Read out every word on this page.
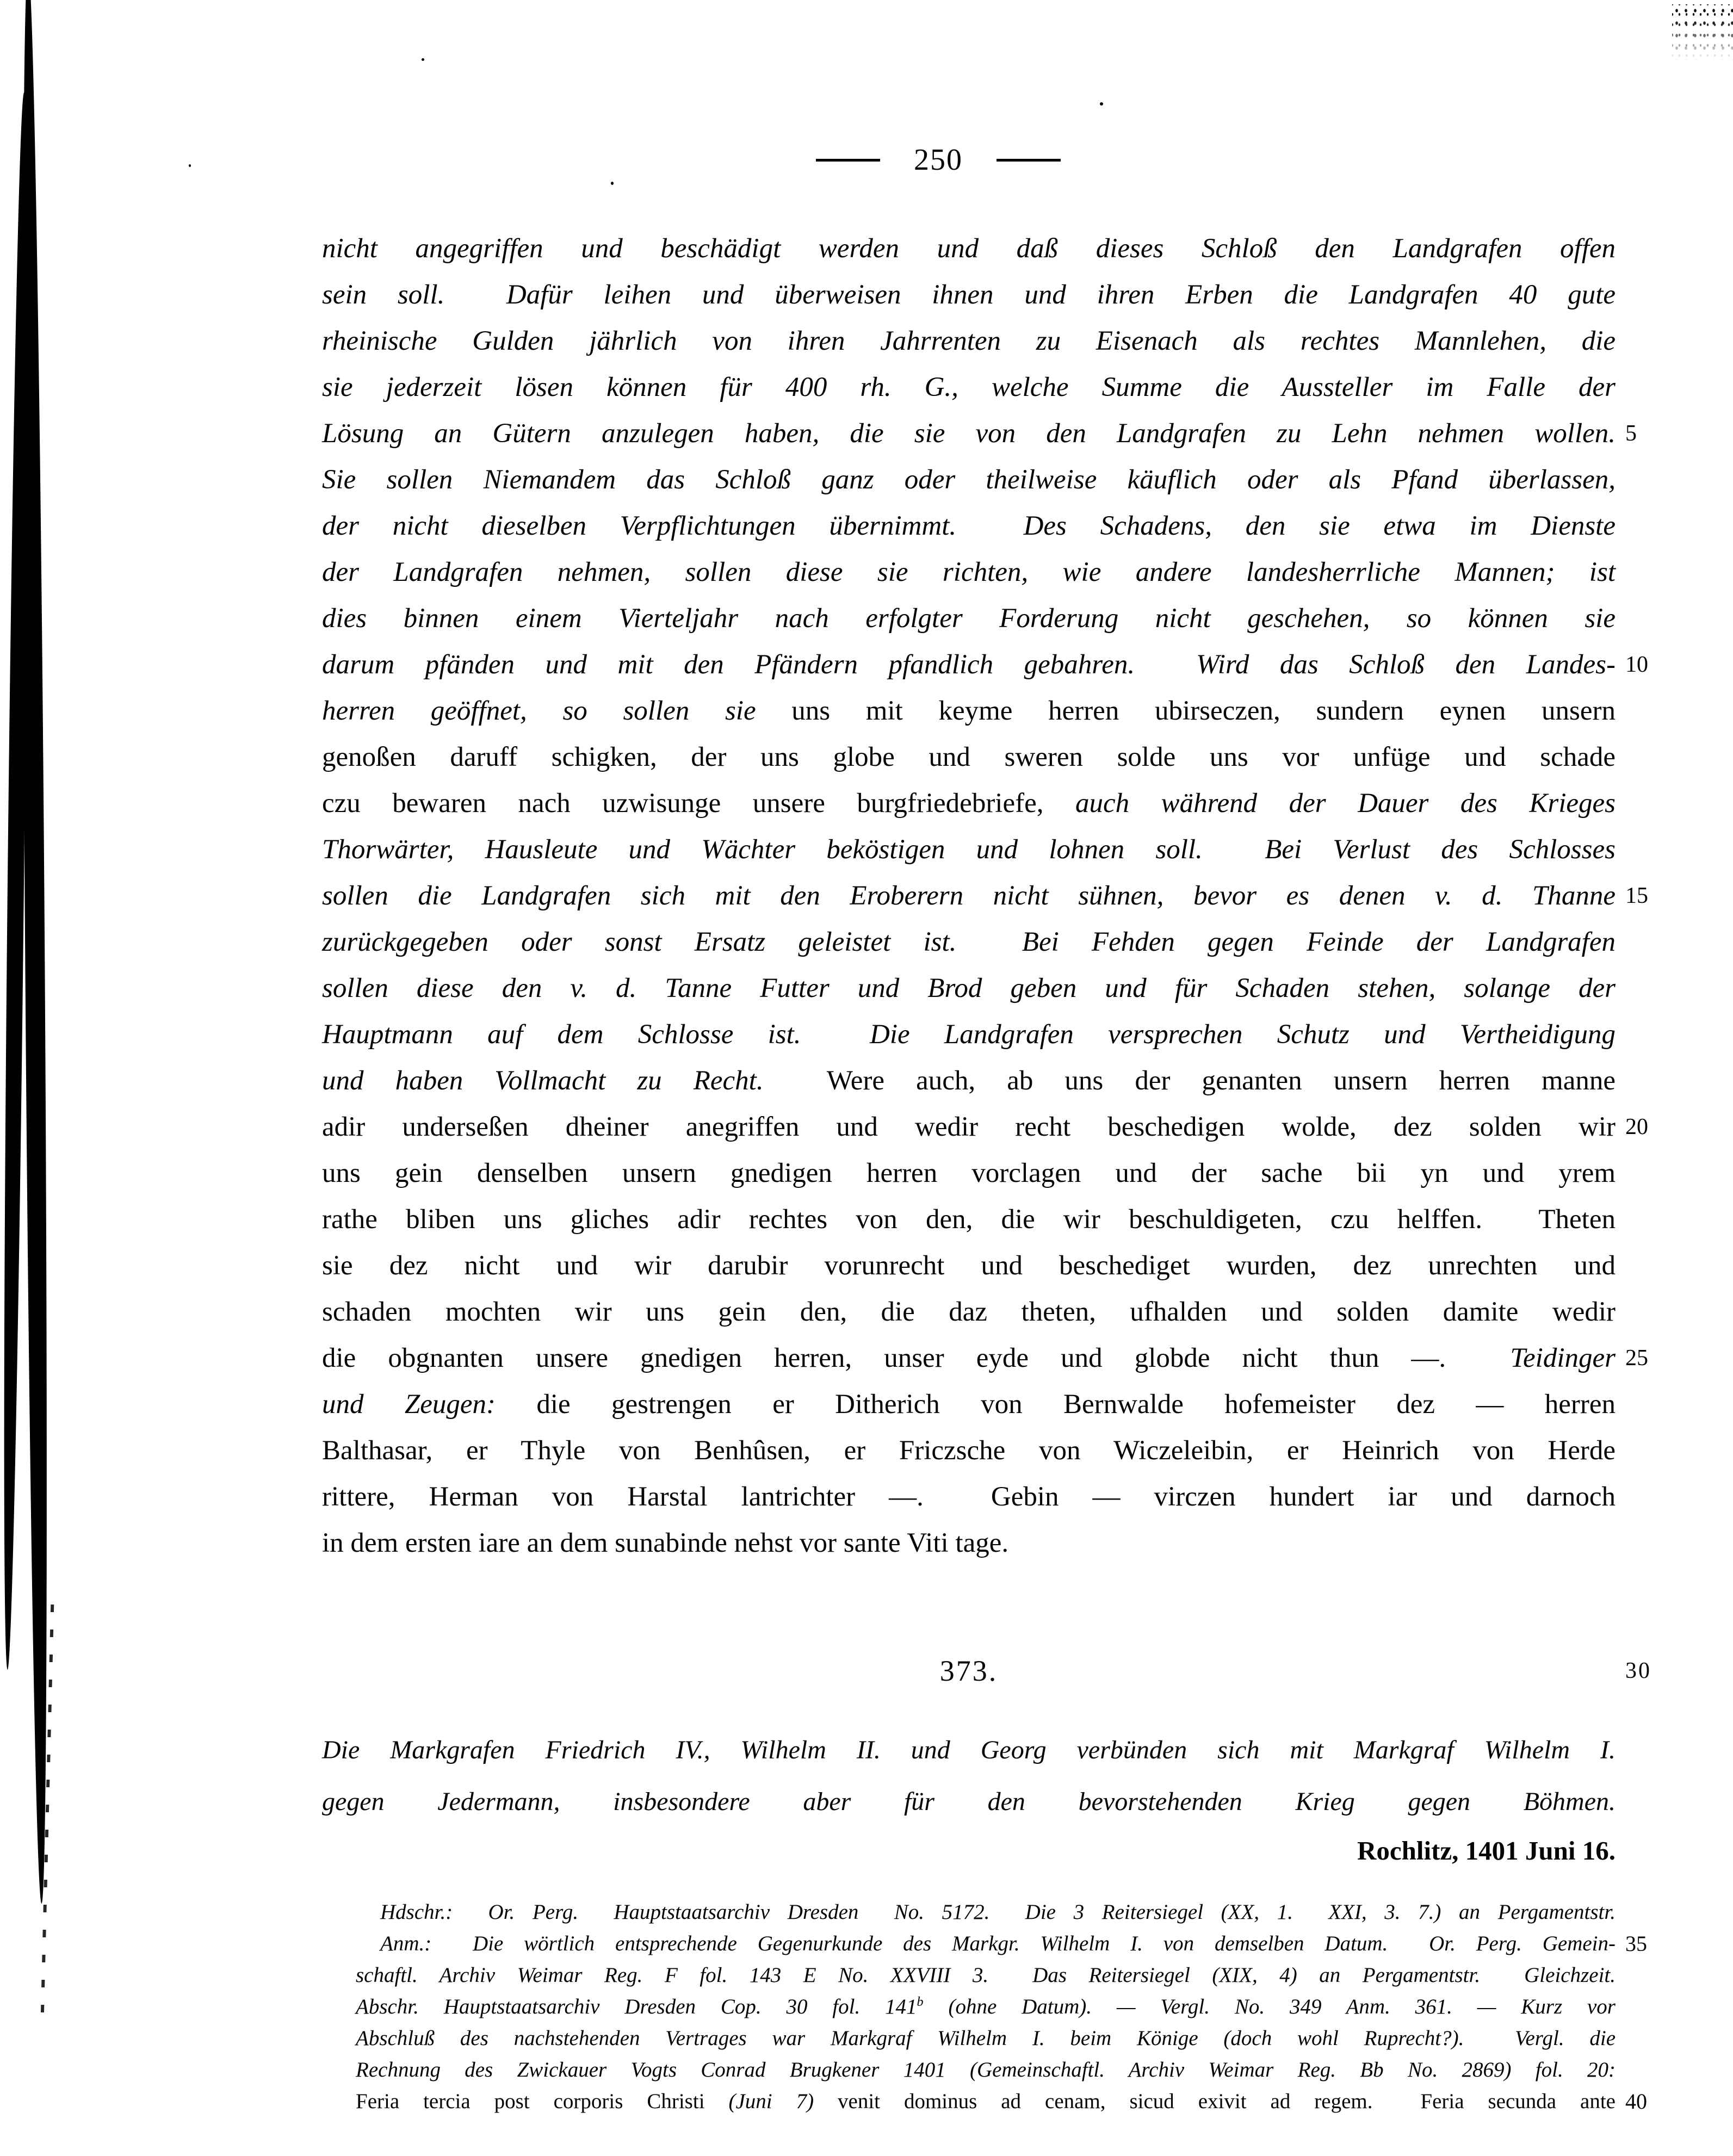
250
nicht angegriffen und beschädigt werden und daß dieses Schloß den Landgrafen offen
sein soll.  Dafür leihen und überweisen ihnen und ihren Erben die Landgrafen 40 gute
rheinische Gulden jährlich von ihren Jahrrenten zu Eisenach als rechtes Mannlehen, die
sie jederzeit lösen können für 400 rh. G., welche Summe die Aussteller im Falle der
Lösung an Gütern anzulegen haben, die sie von den Landgrafen zu Lehn nehmen wollen. 5
Sie sollen Niemandem das Schloß ganz oder theilweise käuflich oder als Pfand überlassen,
der nicht dieselben Verpflichtungen übernimmt.  Des Schadens, den sie etwa im Dienste
der Landgrafen nehmen, sollen diese sie richten, wie andere landesherrliche Mannen; ist
dies binnen einem Vierteljahr nach erfolgter Forderung nicht geschehen, so können sie
darum pfänden und mit den Pfändern pfandlich gebahren.  Wird das Schloß den Landes- 10
herren geöffnet, so sollen sie uns mit keyme herren ubirseczen, sundern eynen unsern
genoßen daruff schigken, der uns globe und sweren solde uns vor unfüge und schade
czu bewaren nach uzwisunge unsere burgfriedebriefe, auch während der Dauer des Krieges
Thorwärter, Hausleute und Wächter beköstigen und lohnen soll.  Bei Verlust des Schlosses
sollen die Landgrafen sich mit den Eroberern nicht sühnen, bevor es denen v. d. Thanne 15
zurückgegeben oder sonst Ersatz geleistet ist.  Bei Fehden gegen Feinde der Landgrafen
sollen diese den v. d. Tanne Futter und Brod geben und für Schaden stehen, solange der
Hauptmann auf dem Schlosse ist.  Die Landgrafen versprechen Schutz und Vertheidigung
und haben Vollmacht zu Recht.  Were auch, ab uns der genanten unsern herren manne
adir underseßen dheiner anegriffen und wedir recht beschedigen wolde, dez solden wir 20
uns gein denselben unsern gnedigen herren vorclagen und der sache bii yn und yrem
rathe bliben uns gliches adir rechtes von den, die wir beschuldigeten, czu helffen.  Theten
sie dez nicht und wir darubir vorunrecht und beschediget wurden, dez unrechten und
schaden mochten wir uns gein den, die daz theten, ufhalden und solden damite wedir
die obgnanten unsere gnedigen herren, unser eyde und globde nicht thun —.  Teidinger 25
und Zeugen: die gestrengen er Ditherich von Bernwalde hofemeister dez — herren
Balthasar, er Thyle von Benhûsen, er Friczsche von Wiczeleibin, er Heinrich von Herde
rittere, Herman von Harstal lantrichter —.  Gebin — virczen hundert iar und darnoch
in dem ersten iare an dem sunabinde nehst vor sante Viti tage.
373.	30
Die Markgrafen Friedrich IV., Wilhelm II. und Georg verbünden sich mit Markgraf Wilhelm I.
gegen Jedermann, insbesondere aber für den bevorstehenden Krieg gegen Böhmen.
Rochlitz, 1401 Juni 16.
Hdschr.:  Or. Perg.  Hauptstaatsarchiv Dresden  No. 5172.  Die 3 Reitersiegel (XX, 1.  XXI, 3. 7.) an Pergamentstr.
Anm.:  Die wörtlich entsprechende Gegenurkunde des Markgr. Wilhelm I. von demselben Datum.  Or. Perg. Gemein- 35
schaftl. Archiv Weimar Reg. F fol. 143 E No. XXVIII 3.  Das Reitersiegel (XIX, 4) an Pergamentstr.  Gleichzeit.
Abschr. Hauptstaatsarchiv Dresden Cop. 30 fol. 141$^b$ (ohne Datum). — Vergl. No. 349 Anm. 361. — Kurz vor
Abschluß des nachstehenden Vertrages war Markgraf Wilhelm I. beim Könige (doch wohl Ruprecht?).  Vergl. die
Rechnung des Zwickauer Vogts Conrad Brugkener 1401 (Gemeinschaftl. Archiv Weimar Reg. Bb No. 2869) fol. 20:
Feria tercia post corporis Christi (Juni 7) venit dominus ad cenam, sicud exivit ad regem.  Feria secunda ante 40
